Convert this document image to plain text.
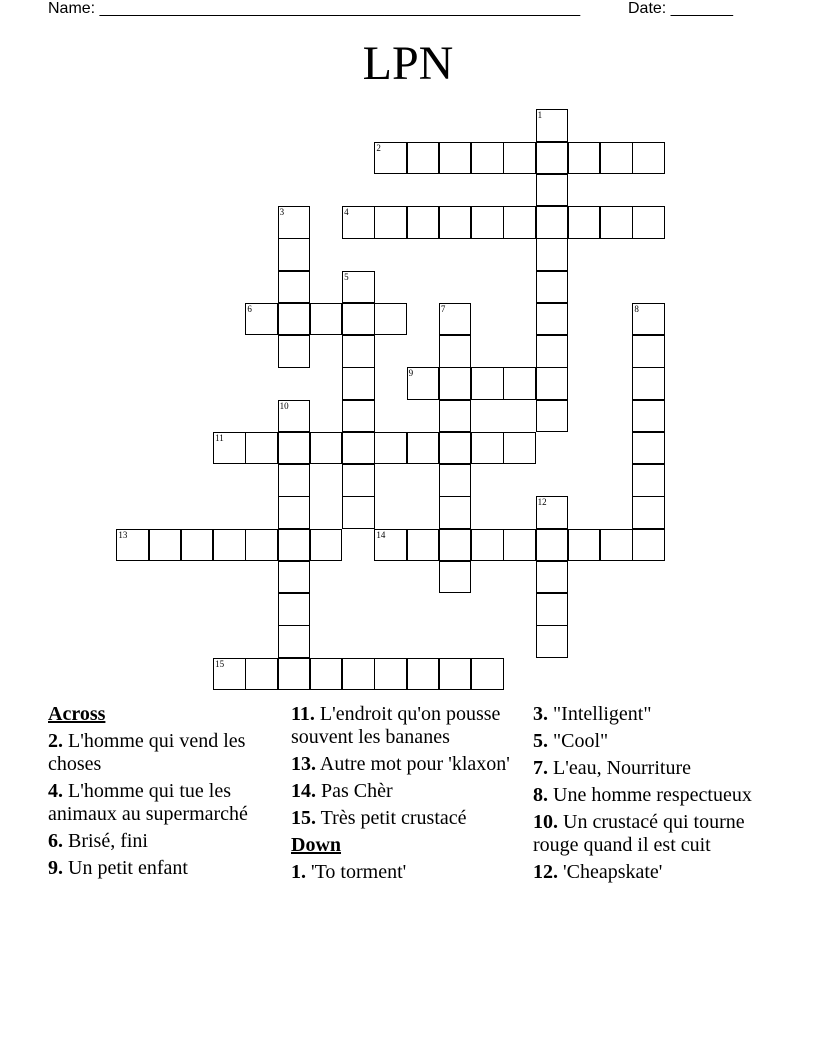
Name: ______________________________________________________	Date: _______
LPN
1
2
3	4
5
6	7	8
9
10
11
12
13	14
15
Across
2. L'homme qui vend les choses
4. L'homme qui tue les animaux au supermarché
6. Brisé, fini
9. Un petit enfant
11. L'endroit qu'on pousse souvent les bananes
13. Autre mot pour 'klaxon'
14. Pas Chèr
15. Très petit crustacé
Down
1. 'To torment'
3. "Intelligent"
5. "Cool"
7. L'eau, Nourriture
8. Une homme respectueux
10. Un crustacé qui tourne rouge quand il est cuit
12. 'Cheapskate'
